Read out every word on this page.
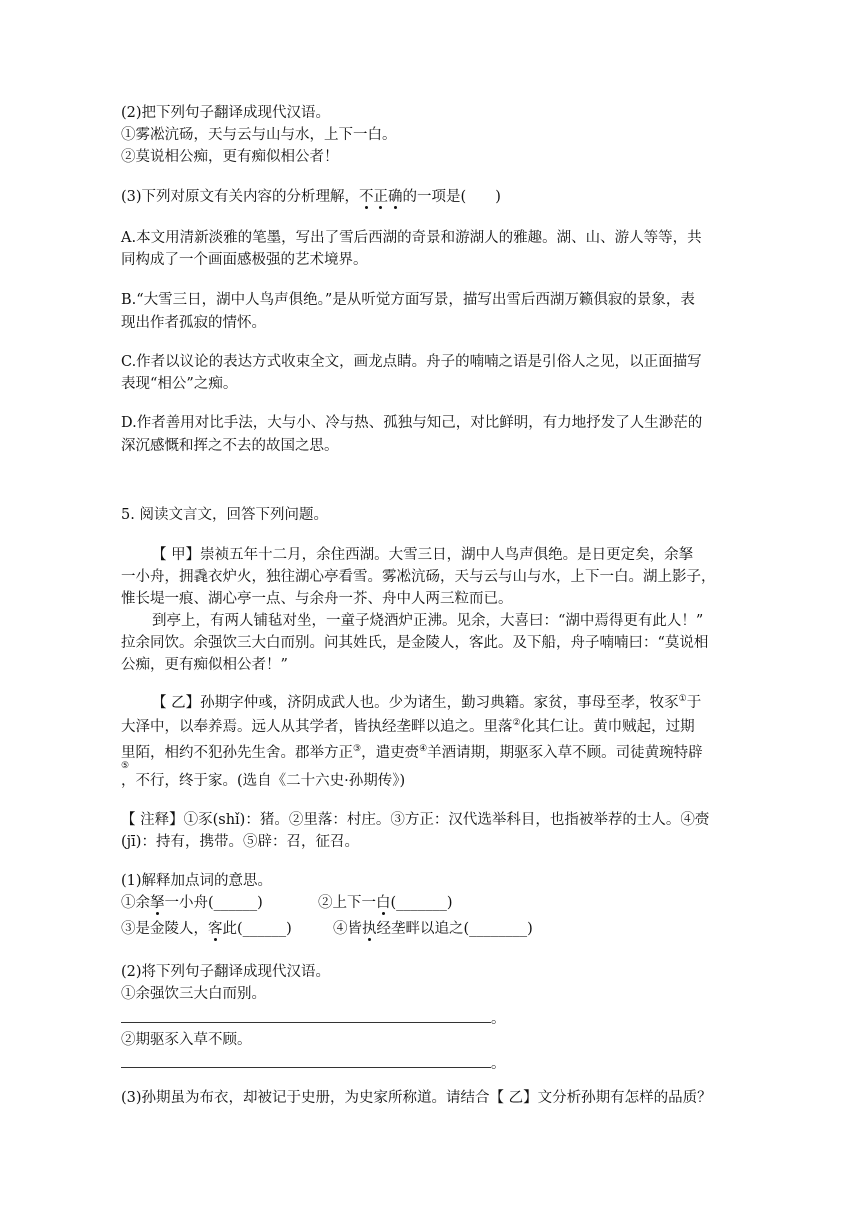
(2)把下列句子翻译成现代汉语。
①雾凇沆砀，天与云与山与水，上下一白。
②莫说相公痴，更有痴似相公者！
(3)下列对原文有关内容的分析理解，不正确的一项是(　　)
A.本文用清新淡雅的笔墨，写出了雪后西湖的奇景和游湖人的雅趣。湖、山、游人等等，共
同构成了一个画面感极强的艺术境界。
B.“大雪三日，湖中人鸟声俱绝。”是从听觉方面写景，描写出雪后西湖万籁俱寂的景象，表
现出作者孤寂的情怀。
C.作者以议论的表达方式收束全文，画龙点睛。舟子的喃喃之语是引俗人之见，以正面描写
表现“相公”之痴。
D.作者善用对比手法，大与小、冷与热、孤独与知己，对比鲜明，有力地抒发了人生渺茫的
深沉感慨和挥之不去的故国之思。
5. 阅读文言文，回答下列问题。
【 甲】崇祯五年十二月，余住西湖。大雪三日，湖中人鸟声俱绝。是日更定矣，余拏
一小舟，拥毳衣炉火，独往湖心亭看雪。雾凇沆砀，天与云与山与水，上下一白。湖上影子，
惟长堤一痕、湖心亭一点、与余舟一芥、舟中人两三粒而已。
到亭上，有两人铺毡对坐，一童子烧酒炉正沸。见余，大喜曰：“湖中焉得更有此人！”
拉余同饮。余强饮三大白而别。问其姓氏，是金陵人，客此。及下船，舟子喃喃曰：“莫说相
公痴，更有痴似相公者！”
【 乙】孙期字仲彧，济阴成武人也。少为诸生，勤习典籍。家贫，事母至孝，牧豕①于
大泽中，以奉养焉。远人从其学者，皆执经垄畔以追之。里落②化其仁让。黄巾贼起，过期
里陌，相约不犯孙先生舍。郡举方正③，遣吏赍④羊酒请期，期驱豕入草不顾。司徒黄琬特辟
⑤
，不行，终于家。(选自《二十六史·孙期传》)
【 注释】①豕(shǐ)：猪。②里落：村庄。③方正：汉代选举科目，也指被举荐的士人。④赍
(jī)：持有，携带。⑤辟：召，征召。
(1)解释加点词的意思。
①余拏一小舟(______)	②上下一白(_______)
③是金陵人，客此(______)	④皆执经垄畔以追之(________)
(2)将下列句子翻译成现代汉语。
①余强饮三大白而别。
。
②期驱豕入草不顾。
。
(3)孙期虽为布衣，却被记于史册，为史家所称道。请结合【 乙】文分析孙期有怎样的品质？
